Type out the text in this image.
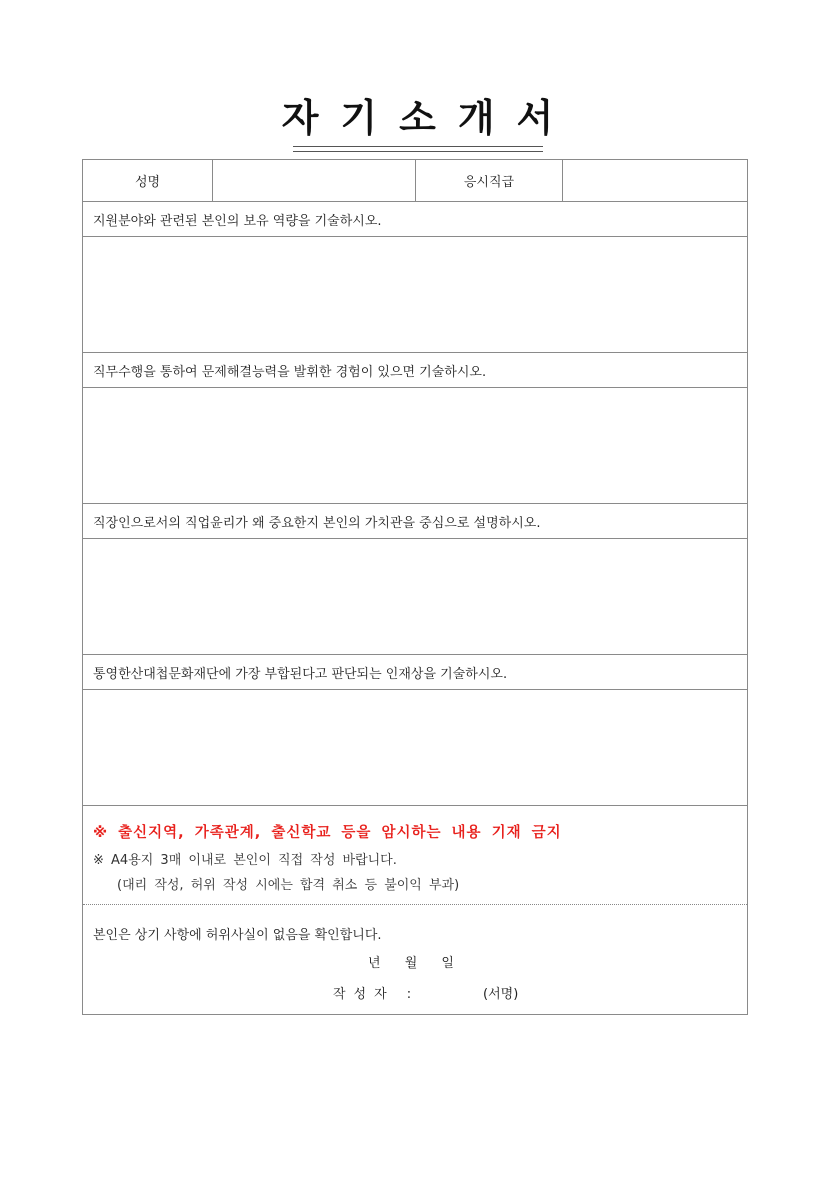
자기소개서
성명	응시직급
지원분야와 관련된 본인의 보유 역량을 기술하시오.
직무수행을 통하여 문제해결능력을 발휘한 경험이 있으면 기술하시오.
직장인으로서의 직업윤리가 왜 중요한지 본인의 가치관을 중심으로 설명하시오.
통영한산대첩문화재단에 가장 부합된다고 판단되는 인재상을 기술하시오.
※ 출신지역, 가족관계, 출신학교 등을 암시하는 내용 기재 금지
※ A4용지 3매 이내로 본인이 직접 작성 바랍니다.
(대리 작성, 허위 작성 시에는 합격 취소 등 불이익 부과)
본인은 상기 사항에 허위사실이 없음을 확인합니다.
년 월 일
작성자 :	(서명)
